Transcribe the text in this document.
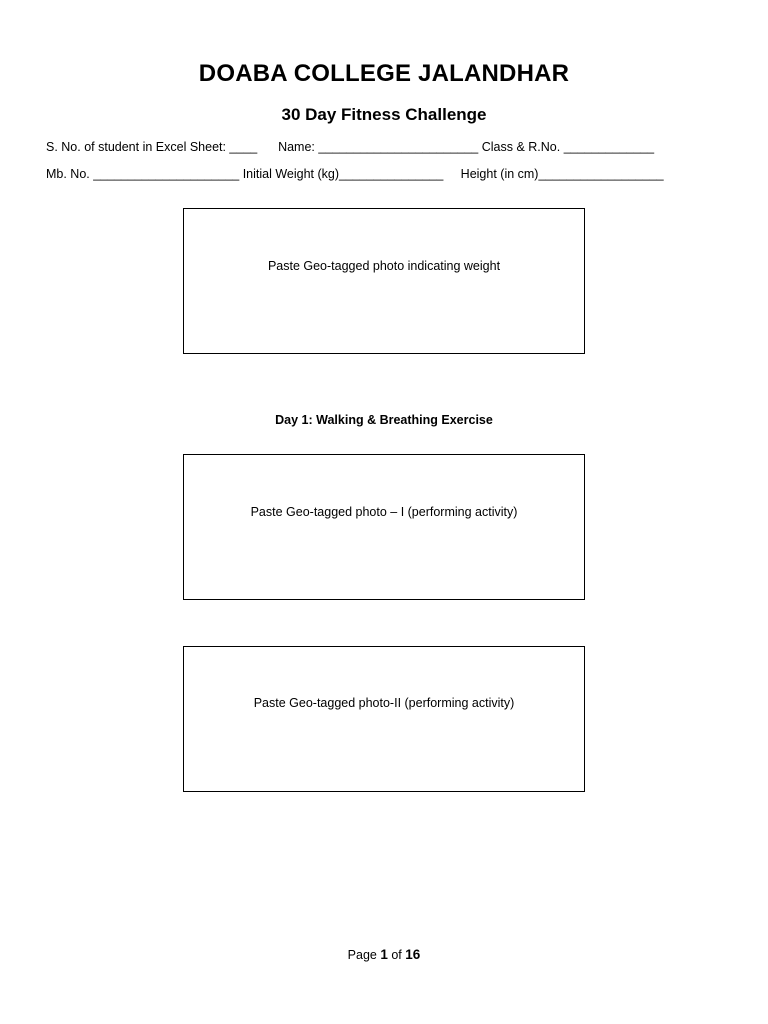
DOABA COLLEGE JALANDHAR
30 Day Fitness Challenge
S. No. of student in Excel Sheet: ____      Name: _______________________ Class & R.No. _____________
Mb. No. _____________________ Initial Weight (kg)_______________     Height (in cm)__________________
Paste Geo-tagged photo indicating weight
Day 1: Walking & Breathing Exercise
Paste Geo-tagged photo – I (performing activity)
Paste Geo-tagged photo-II (performing activity)
Page 1 of 16
